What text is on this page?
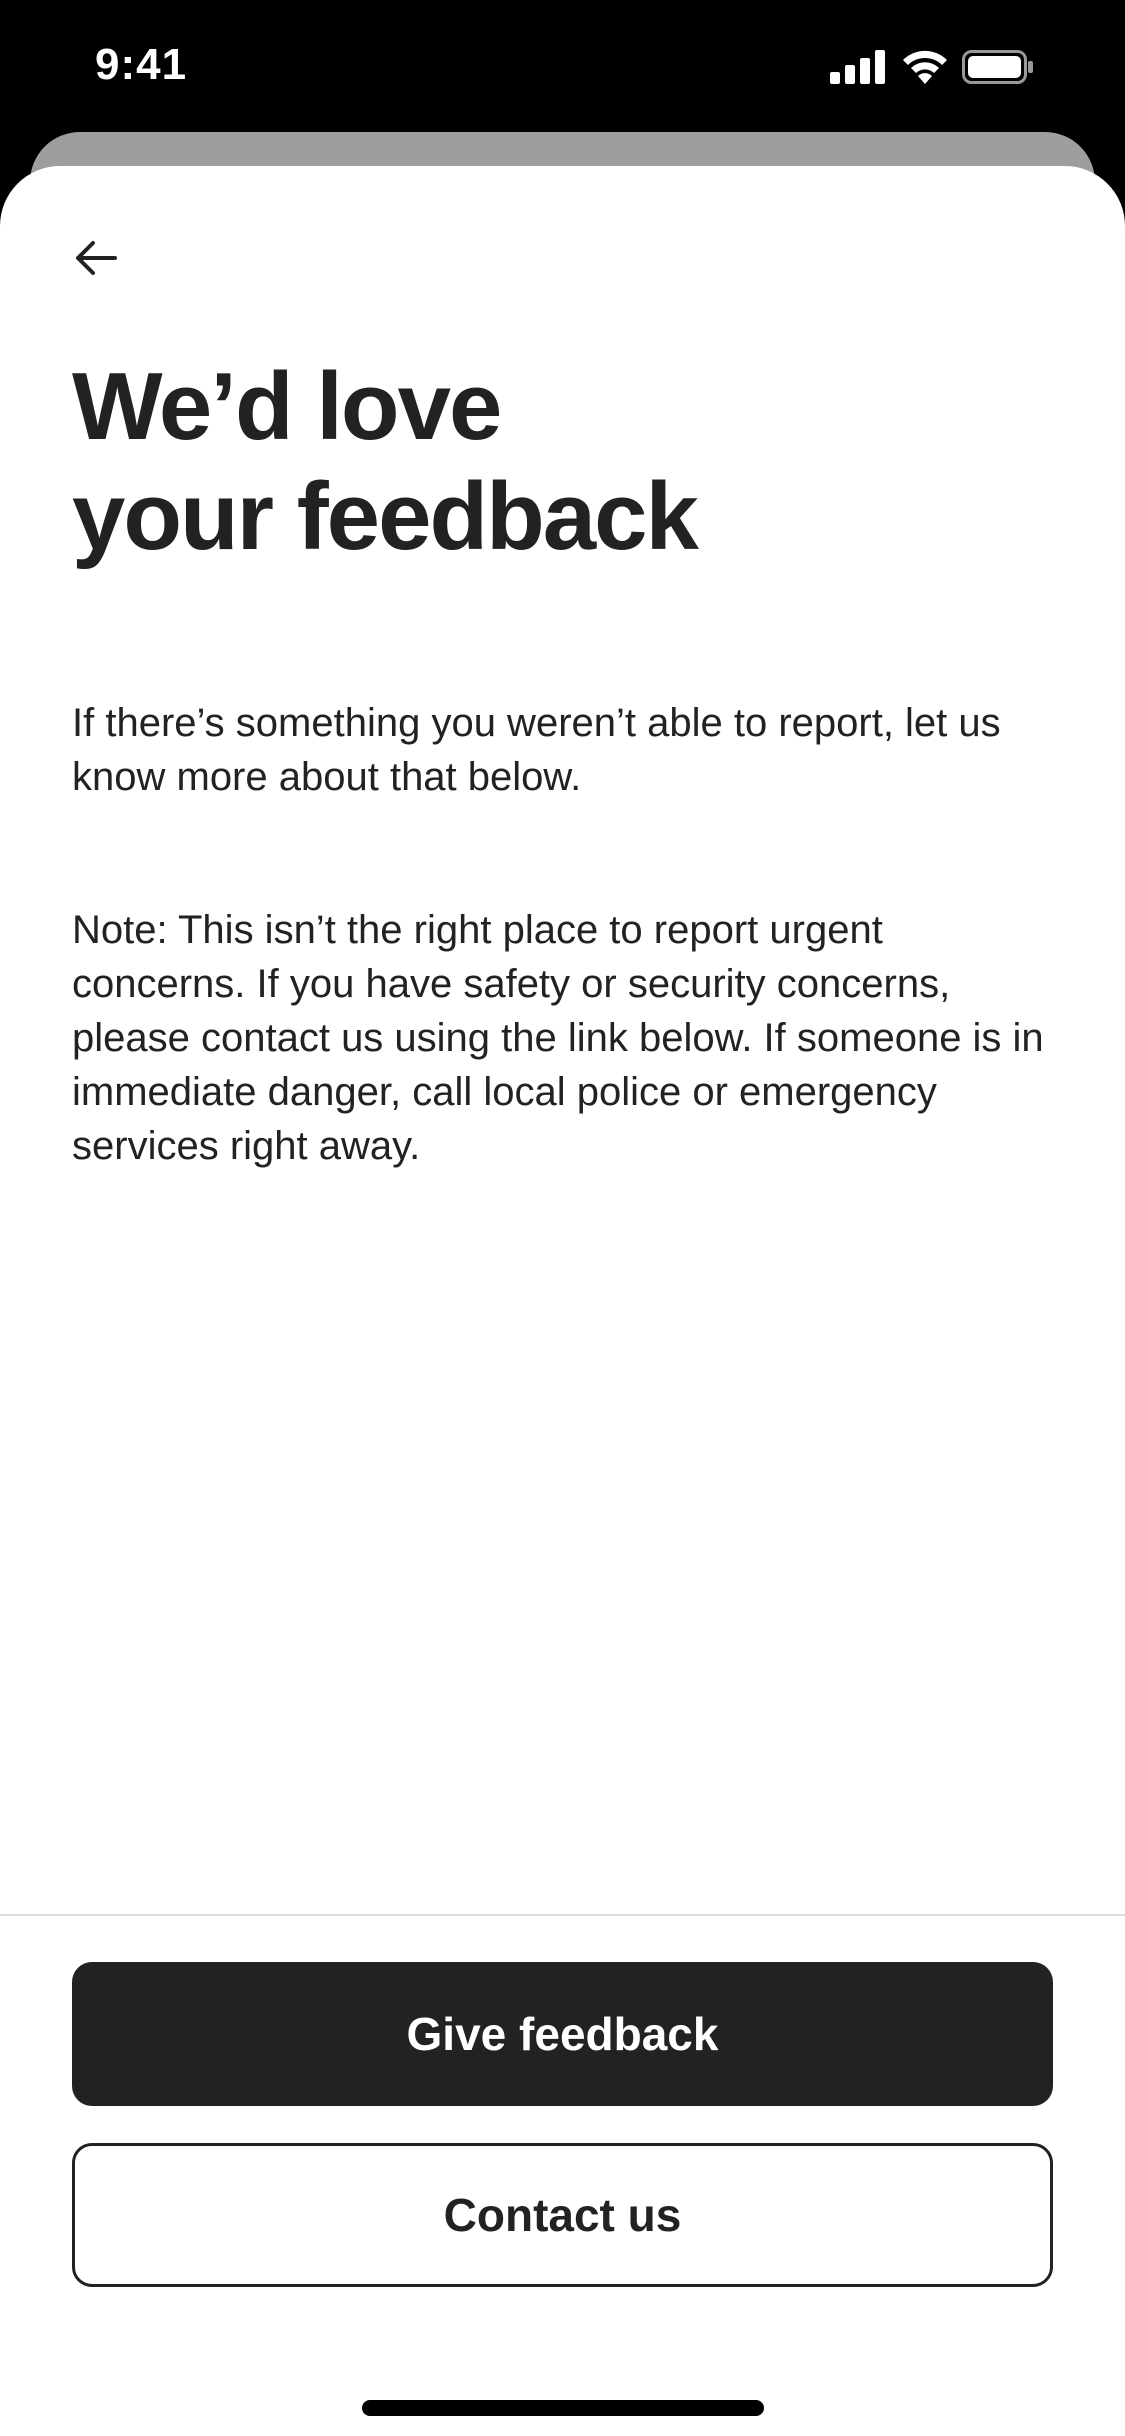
9:41
We’d love
your feedback

If there’s something you weren’t able to report, let us know more about that below.

Note: This isn’t the right place to report urgent concerns. If you have safety or security concerns, please contact us using the link below. If someone is in immediate danger, call local police or emergency services right away.

Give feedback
Contact us
